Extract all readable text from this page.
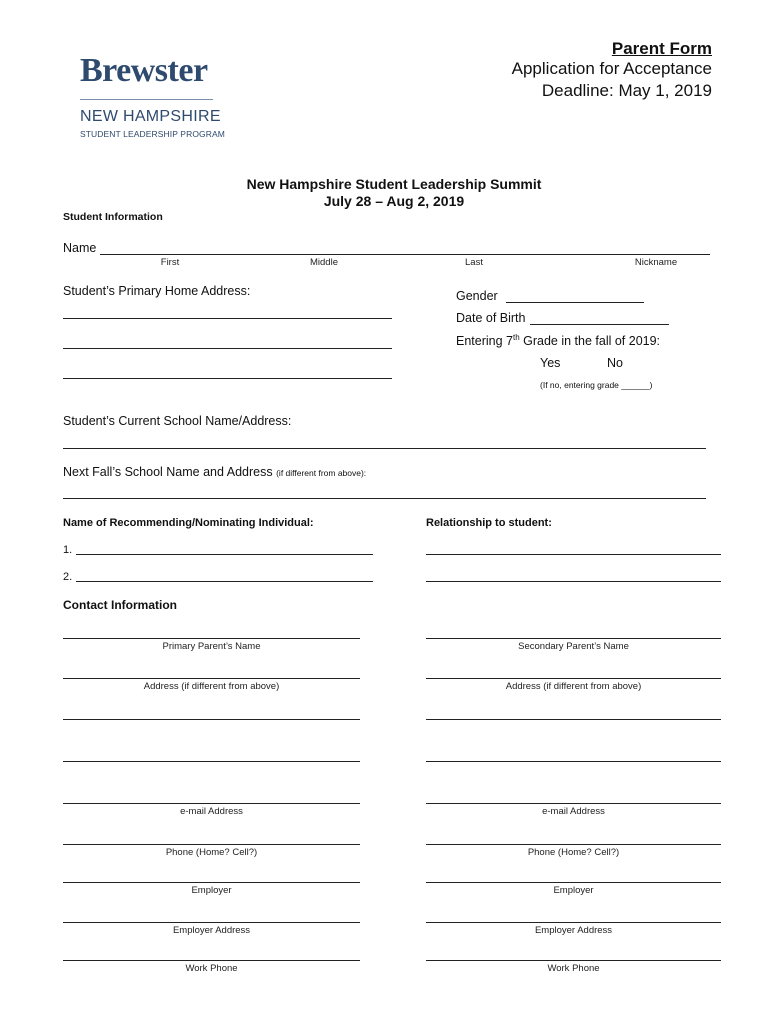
Brewster
NEW HAMPSHIRE
STUDENT LEADERSHIP PROGRAM
Parent Form
Application for Acceptance
Deadline: May 1, 2019
New Hampshire Student Leadership Summit
July 28 – Aug 2, 2019
Student Information
Name
First	Middle	Last	Nickname
Student’s Primary Home Address:	Gender
Date of Birth
Entering 7th Grade in the fall of 2019:
Yes	No
(If no, entering grade ______)
Student’s Current School Name/Address:
Next Fall’s School Name and Address (if different from above):
Name of Recommending/Nominating Individual:	Relationship to student:
1.
2.
Contact Information
Primary Parent’s Name
Address (if different from above)
e-mail Address
Phone (Home? Cell?)
Employer
Employer Address
Work Phone
Secondary Parent’s Name
Address (if different from above)
e-mail Address
Phone (Home? Cell?)
Employer
Employer Address
Work Phone
